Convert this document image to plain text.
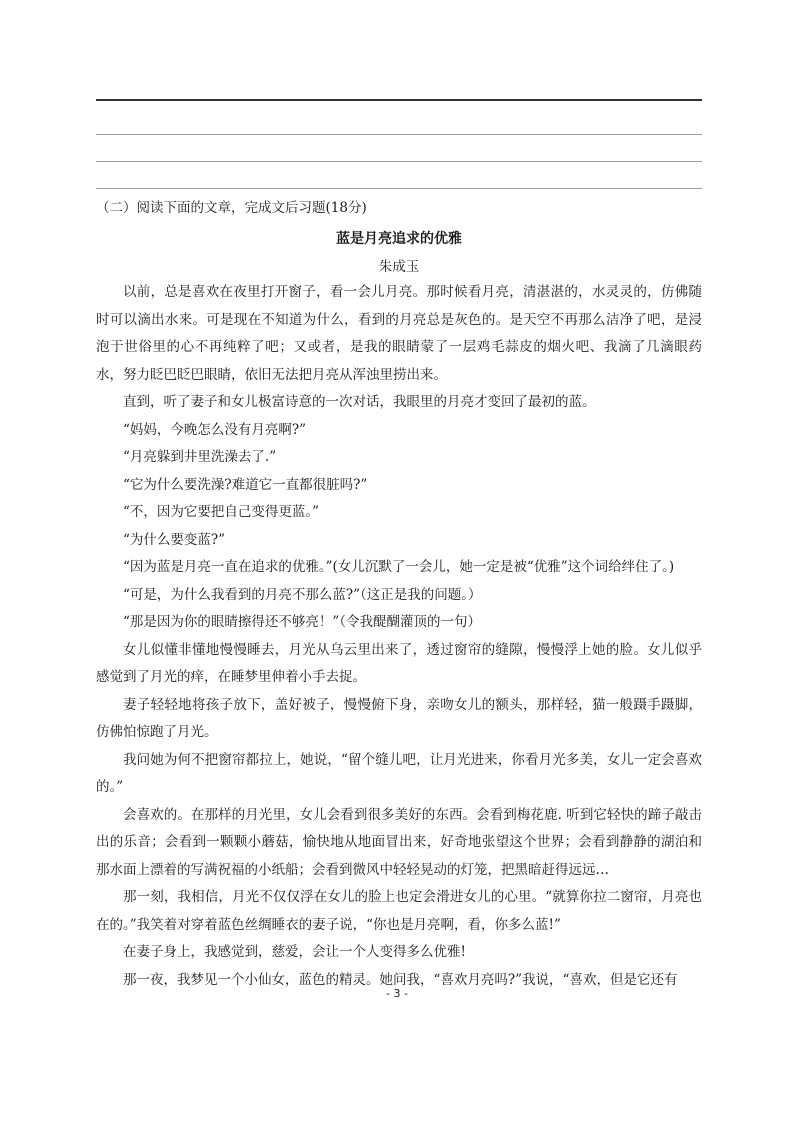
（二）阅读下面的文章，完成文后习题(18分)
蓝是月亮追求的优雅
朱成玉

以前，总是喜欢在夜里打开窗子，看一会儿月亮。那时候看月亮，清湛湛的，水灵灵的，仿佛随时可以滴出水来。可是现在不知道为什么，看到的月亮总是灰色的。是天空不再那么洁净了吧，是浸泡于世俗里的心不再纯粹了吧；又或者，是我的眼睛蒙了一层鸡毛蒜皮的烟火吧、我滴了几滴眼药水，努力眨巴眨巴眼睛，依旧无法把月亮从浑浊里捞出来。

直到，听了妻子和女儿极富诗意的一次对话，我眼里的月亮才变回了最初的蓝。

“妈妈，今晚怎么没有月亮啊?”

“月亮躲到井里洗澡去了.”

“它为什么要洗澡?难道它一直都很脏吗?”

“不，因为它要把自己变得更蓝。”

“为什么要变蓝?”

“因为蓝是月亮一直在追求的优雅。”(女儿沉默了一会儿，她一定是被“优雅”这个词给绊住了。)

“可是，为什么我看到的月亮不那么蓝?”（这正是我的问题。）

“那是因为你的眼睛擦得还不够亮！”（令我醍醐灌顶的一句）

女儿似懂非懂地慢慢睡去，月光从乌云里出来了，透过窗帘的缝隙，慢慢浮上她的脸。女儿似乎感觉到了月光的痒，在睡梦里伸着小手去捉。

妻子轻轻地将孩子放下，盖好被子，慢慢俯下身，亲吻女儿的额头，那样轻，猫一般蹑手蹑脚，仿佛怕惊跑了月光。

我问她为何不把窗帘都拉上，她说，“留个缝儿吧，让月光进来，你看月光多美，女儿一定会喜欢的。”

会喜欢的。在那样的月光里，女儿会看到很多美好的东西。会看到梅花鹿. 听到它轻快的蹄子敲击出的乐音；会看到一颗颗小蘑菇，愉快地从地面冒出来，好奇地张望这个世界；会看到静静的湖泊和那水面上漂着的写满祝福的小纸船；会看到微风中轻轻晃动的灯笼，把黑暗赶得远远…

那一刻，我相信，月光不仅仅浮在女儿的脸上也定会滑进女儿的心里。“就算你拉二窗帘，月亮也在的。”我笑着对穿着蓝色丝绸睡衣的妻子说，“你也是月亮啊，看，你多么蓝!”

在妻子身上，我感觉到，慈爱，会让一个人变得多么优雅!

那一夜，我梦见一个小仙女，蓝色的精灵。她问我，“喜欢月亮吗?”我说，“喜欢，但是它还有

- 3 -
